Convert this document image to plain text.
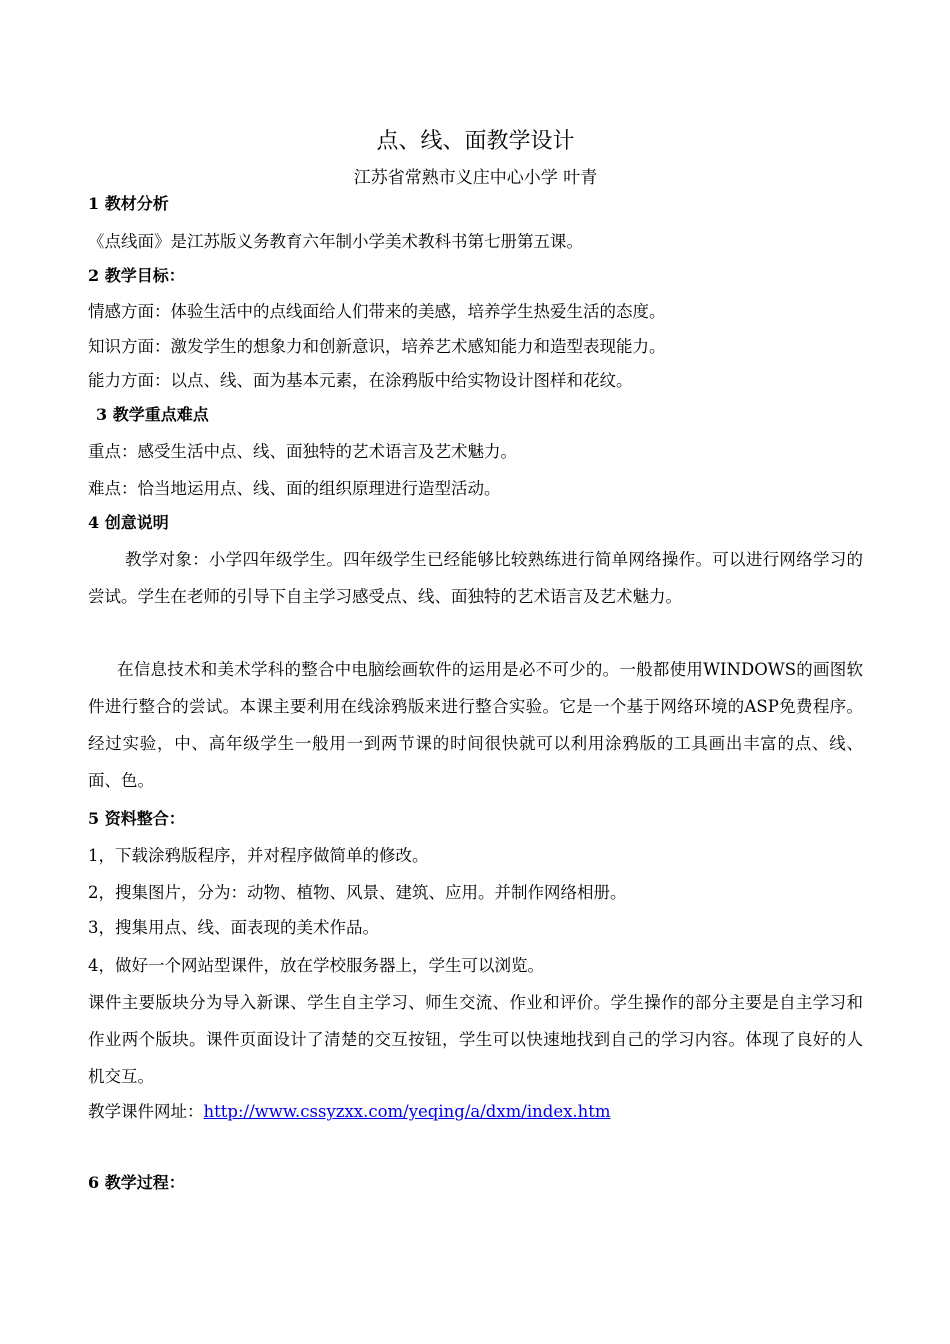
点、线、面教学设计
江苏省常熟市义庄中心小学 叶青
1 教材分析
《点线面》是江苏版义务教育六年制小学美术教科书第七册第五课。
2 教学目标：
情感方面：体验生活中的点线面给人们带来的美感，培养学生热爱生活的态度。
知识方面：激发学生的想象力和创新意识，培养艺术感知能力和造型表现能力。
能力方面：以点、线、面为基本元素，在涂鸦版中给实物设计图样和花纹。
3 教学重点难点
重点：感受生活中点、线、面独特的艺术语言及艺术魅力。
难点：恰当地运用点、线、面的组织原理进行造型活动。
4 创意说明
教学对象：小学四年级学生。四年级学生已经能够比较熟练进行简单网络操作。可以进行网络学习的尝试。学生在老师的引导下自主学习感受点、线、面独特的艺术语言及艺术魅力。
在信息技术和美术学科的整合中电脑绘画软件的运用是必不可少的。一般都使用WINDOWS的画图软件进行整合的尝试。本课主要利用在线涂鸦版来进行整合实验。它是一个基于网络环境的ASP免费程序。经过实验，中、高年级学生一般用一到两节课的时间很快就可以利用涂鸦版的工具画出丰富的点、线、面、色。
5 资料整合：
1，下载涂鸦版程序，并对程序做简单的修改。
2，搜集图片，分为：动物、植物、风景、建筑、应用。并制作网络相册。
3，搜集用点、线、面表现的美术作品。
4，做好一个网站型课件，放在学校服务器上，学生可以浏览。
课件主要版块分为导入新课、学生自主学习、师生交流、作业和评价。学生操作的部分主要是自主学习和作业两个版块。课件页面设计了清楚的交互按钮，学生可以快速地找到自己的学习内容。体现了良好的人机交互。
教学课件网址：http://www.cssyzxx.com/yeqing/a/dxm/index.htm
6 教学过程：
